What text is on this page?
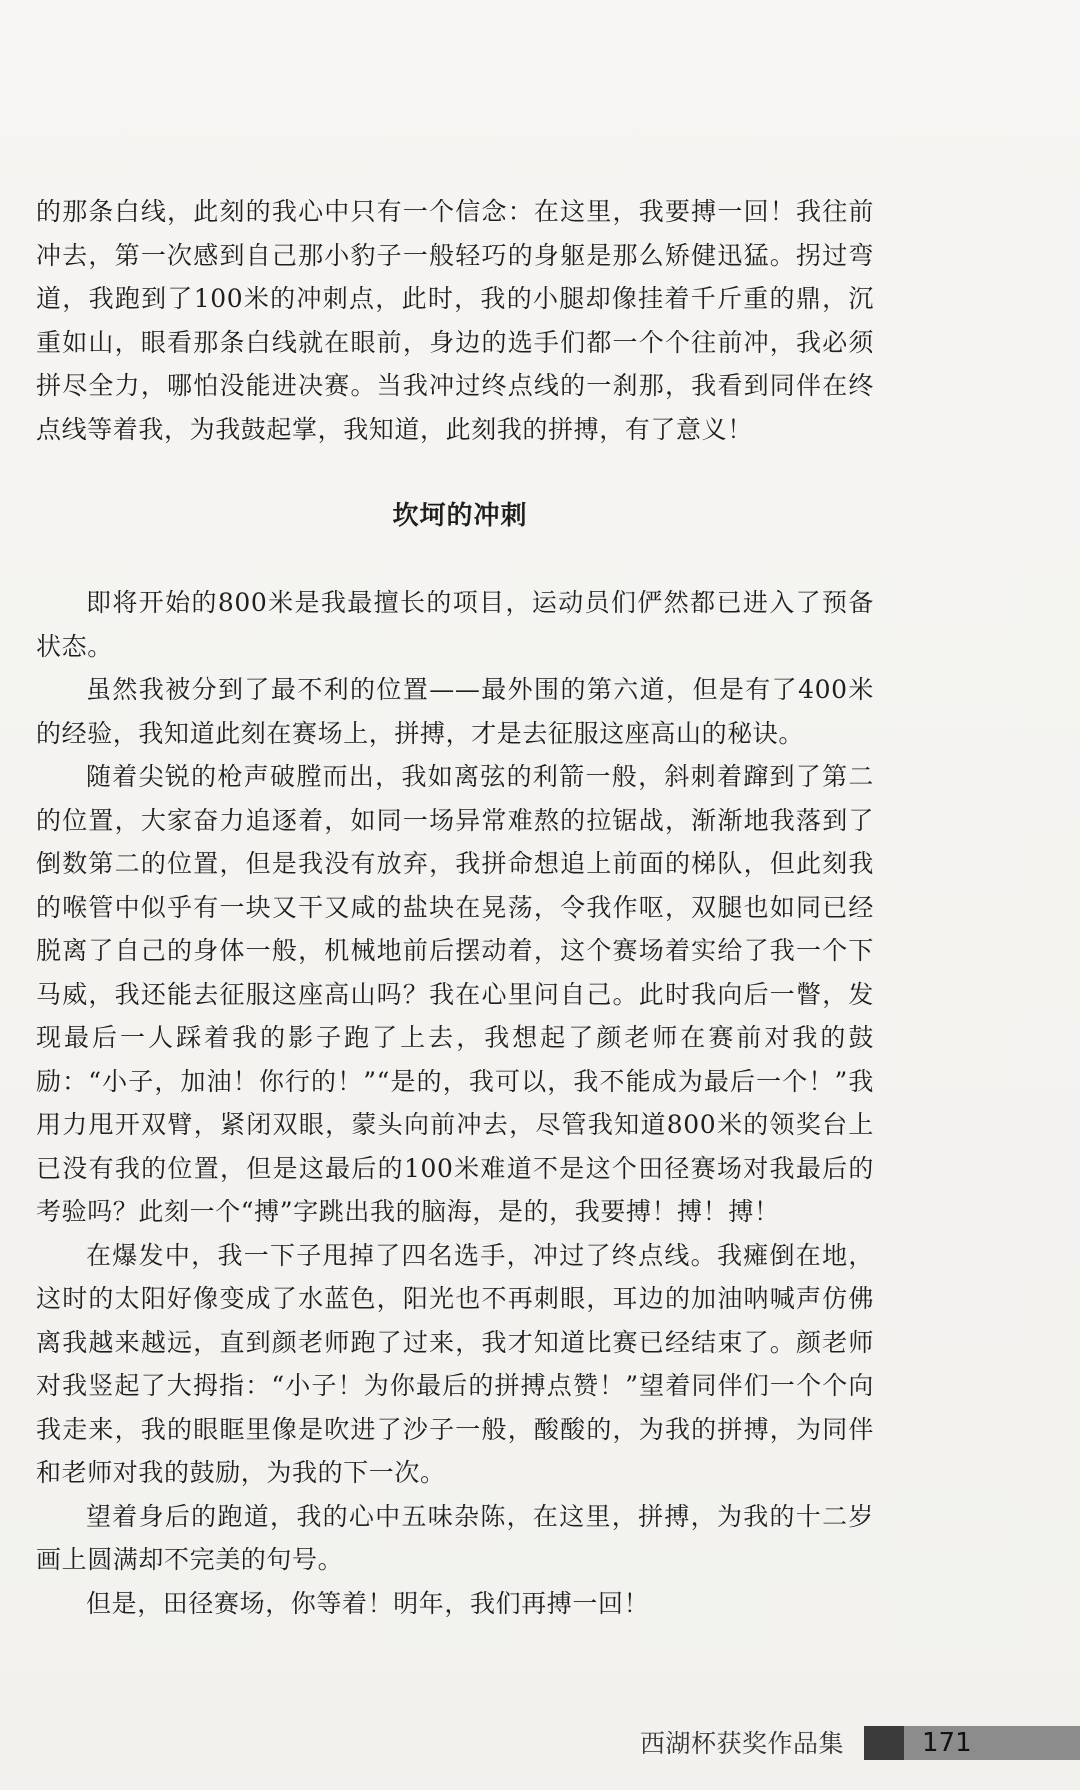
的那条白线，此刻的我心中只有一个信念：在这里，我要搏一回！我往前冲去，第一次感到自己那小豹子一般轻巧的身躯是那么矫健迅猛。拐过弯道，我跑到了100米的冲刺点，此时，我的小腿却像挂着千斤重的鼎，沉重如山，眼看那条白线就在眼前，身边的选手们都一个个往前冲，我必须拼尽全力，哪怕没能进决赛。当我冲过终点线的一刹那，我看到同伴在终点线等着我，为我鼓起掌，我知道，此刻我的拼搏，有了意义！

坎坷的冲刺

即将开始的800米是我最擅长的项目，运动员们俨然都已进入了预备状态。

虽然我被分到了最不利的位置——最外围的第六道，但是有了400米的经验，我知道此刻在赛场上，拼搏，才是去征服这座高山的秘诀。

随着尖锐的枪声破膛而出，我如离弦的利箭一般，斜刺着蹿到了第二的位置，大家奋力追逐着，如同一场异常难熬的拉锯战，渐渐地我落到了倒数第二的位置，但是我没有放弃，我拼命想追上前面的梯队，但此刻我的喉管中似乎有一块又干又咸的盐块在晃荡，令我作呕，双腿也如同已经脱离了自己的身体一般，机械地前后摆动着，这个赛场着实给了我一个下马威，我还能去征服这座高山吗？我在心里问自己。此时我向后一瞥，发现最后一人踩着我的影子跑了上去，我想起了颜老师在赛前对我的鼓励：“小子，加油！你行的！”“是的，我可以，我不能成为最后一个！”我用力甩开双臂，紧闭双眼，蒙头向前冲去，尽管我知道800米的领奖台上已没有我的位置，但是这最后的100米难道不是这个田径赛场对我最后的考验吗？此刻一个“搏”字跳出我的脑海，是的，我要搏！搏！搏！

在爆发中，我一下子甩掉了四名选手，冲过了终点线。我瘫倒在地，这时的太阳好像变成了水蓝色，阳光也不再刺眼，耳边的加油呐喊声仿佛离我越来越远，直到颜老师跑了过来，我才知道比赛已经结束了。颜老师对我竖起了大拇指：“小子！为你最后的拼搏点赞！”望着同伴们一个个向我走来，我的眼眶里像是吹进了沙子一般，酸酸的，为我的拼搏，为同伴和老师对我的鼓励，为我的下一次。

望着身后的跑道，我的心中五味杂陈，在这里，拼搏，为我的十二岁画上圆满却不完美的句号。

但是，田径赛场，你等着！明年，我们再搏一回！

西湖杯获奖作品集	171
